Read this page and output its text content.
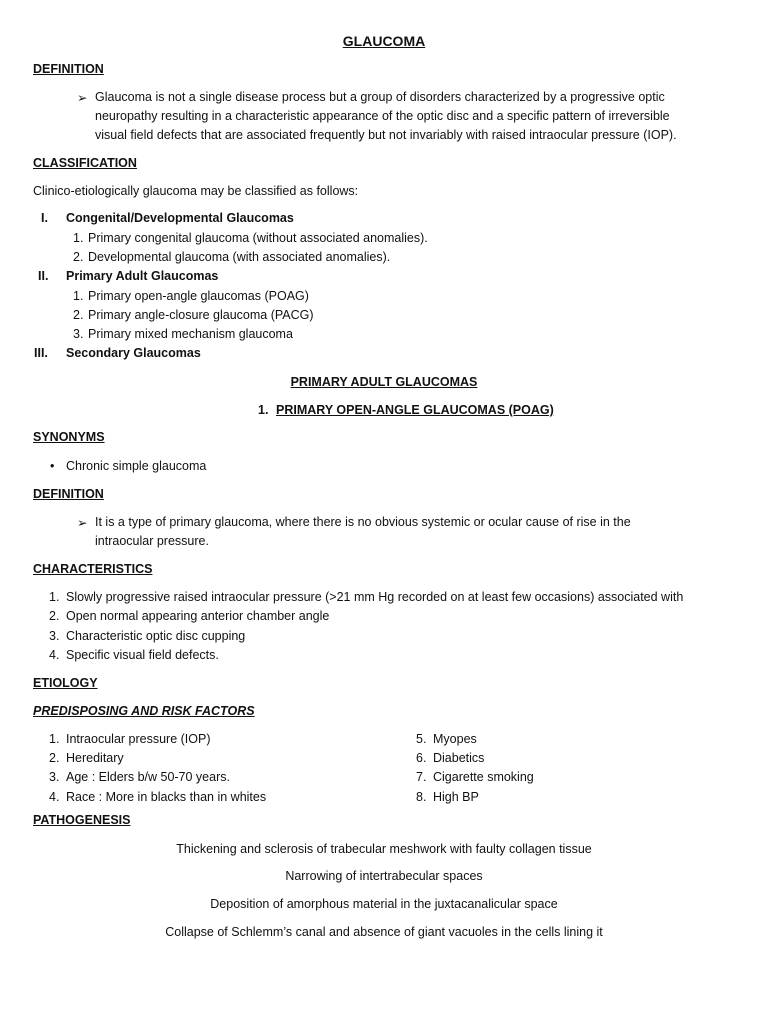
GLAUCOMA
DEFINITION
➢ Glaucoma is not a single disease process but a group of disorders characterized by a progressive optic
neuropathy resulting in a characteristic appearance of the optic disc and a specific pattern of irreversible
visual field defects that are associated frequently but not invariably with raised intraocular pressure (IOP).
CLASSIFICATION
Clinico-etiologically glaucoma may be classified as follows:
I. Congenital/Developmental Glaucomas
1. Primary congenital glaucoma (without associated anomalies).
2. Developmental glaucoma (with associated anomalies).
II. Primary Adult Glaucomas
1. Primary open-angle glaucomas (POAG)
2. Primary angle-closure glaucoma (PACG)
3. Primary mixed mechanism glaucoma
III. Secondary Glaucomas
PRIMARY ADULT GLAUCOMAS
1. PRIMARY OPEN-ANGLE GLAUCOMAS (POAG)
SYNONYMS
• Chronic simple glaucoma
DEFINITION
➢ It is a type of primary glaucoma, where there is no obvious systemic or ocular cause of rise in the
intraocular pressure.
CHARACTERISTICS
1. Slowly progressive raised intraocular pressure (>21 mm Hg recorded on at least few occasions) associated with
2. Open normal appearing anterior chamber angle
3. Characteristic optic disc cupping
4. Specific visual field defects.
ETIOLOGY
PREDISPOSING AND RISK FACTORS
1. Intraocular pressure (IOP)
2. Hereditary
3. Age : Elders b/w 50-70 years.
4. Race : More in blacks than in whites
5. Myopes
6. Diabetics
7. Cigarette smoking
8. High BP
PATHOGENESIS
Thickening and sclerosis of trabecular meshwork with faulty collagen tissue
Narrowing of intertrabecular spaces
Deposition of amorphous material in the juxtacanalicular space
Collapse of Schlemm’s canal and absence of giant vacuoles in the cells lining it
